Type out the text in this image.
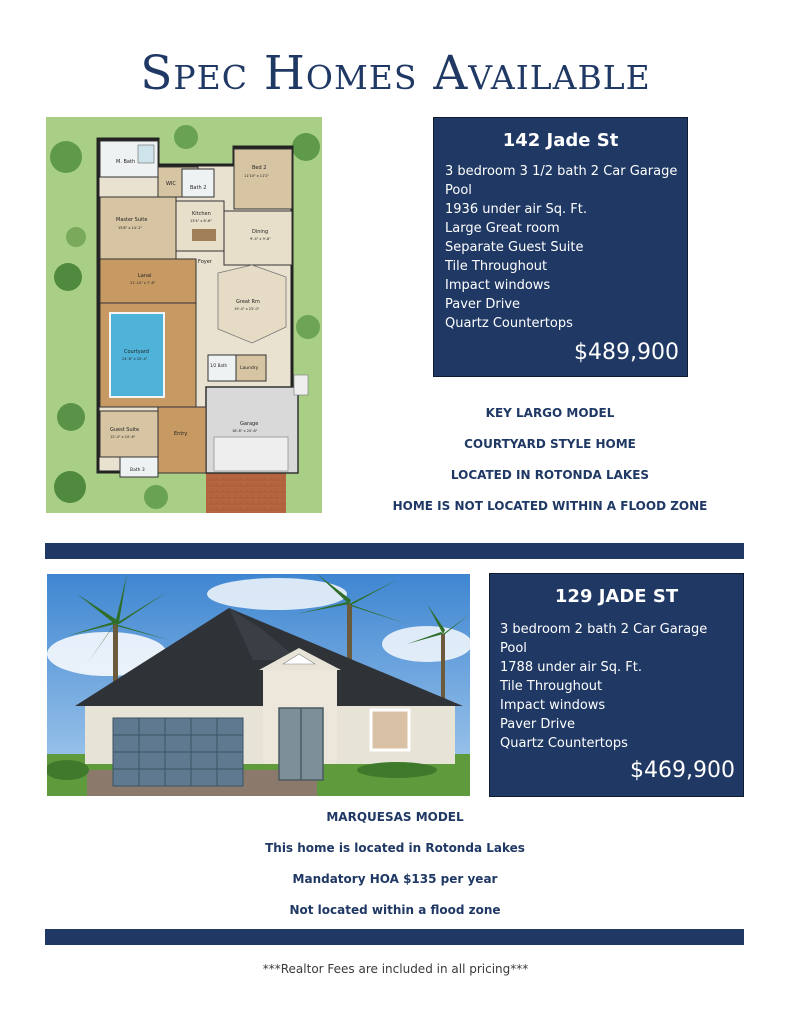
Spec Homes Available
M. Bath
WIC
Bath 2
Bed 2
11'10" x 11'2"
Master Suite
15'8" x 14'-2"
Kitchen
13'4" x 8'-6"
Dining
9'-4" x 9'-8"
Foyer
Lanai
21'-10" x 7'-8"
Great Rm
19'-4" x 23'-0"
Courtyard
24'-6" x 20'-4"
1/2 Bath
Laundry
Garage
18'-8" x 20'-8"
Guest Suite
12'-4" x 10'-6"	Entry
Bath 3
142 Jade St
3 bedroom 3 1/2 bath 2 Car Garage
Pool
1936 under air Sq. Ft.
Large Great room
Separate Guest Suite
Tile Throughout
Impact windows
Paver Drive
Quartz Countertops
$489,900
KEY LARGO MODEL
COURTYARD STYLE HOME
LOCATED IN ROTONDA LAKES
HOME IS NOT LOCATED WITHIN A FLOOD ZONE
129 JADE ST
3 bedroom 2 bath 2 Car Garage
Pool
1788 under air Sq. Ft.
Tile Throughout
Impact windows
Paver Drive
Quartz Countertops
$469,900
MARQUESAS MODEL
This home is located in Rotonda Lakes
Mandatory HOA $135 per year
Not located within a flood zone
***Realtor Fees are included in all pricing***
